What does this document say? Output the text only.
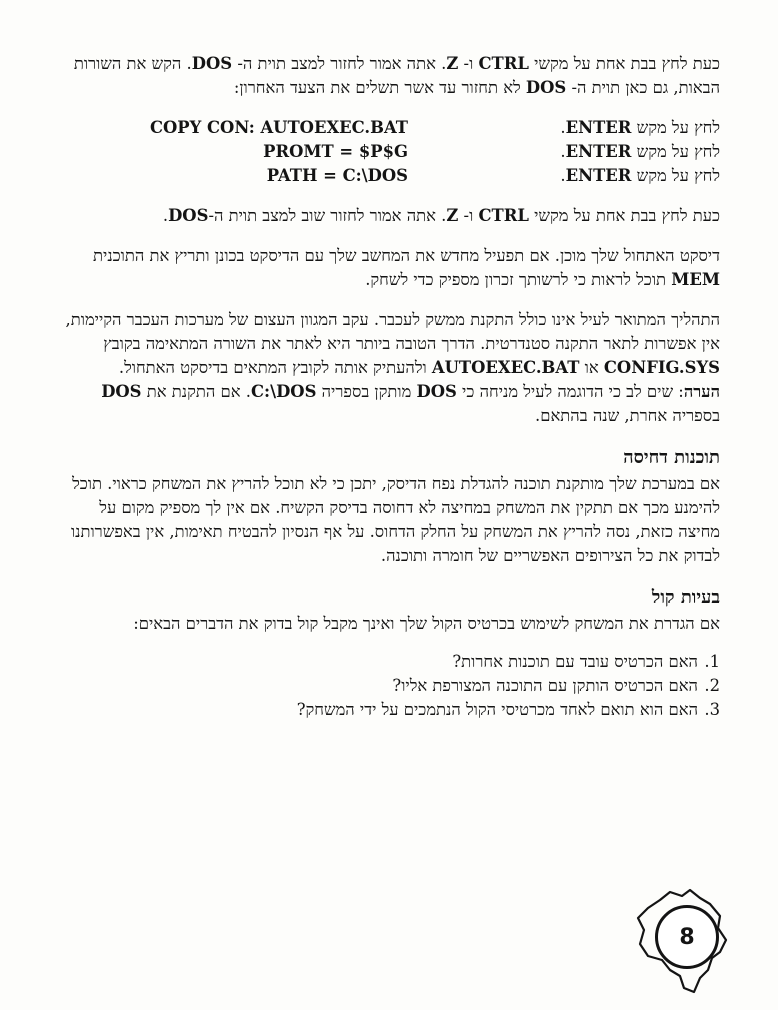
כעת לחץ בבת אחת על מקשי CTRL ו- Z. אתה אמור לחזור למצב תוית ה- DOS. הקש את השורות הבאות, גם כאן תוית ה- DOS לא תחזור עד אשר תשלים את הצעד האחרון:

לחץ על מקש ENTER.
COPY CON: AUTOEXEC.BAT
לחץ על מקש ENTER.
PROMT = $P$G
לחץ על מקש ENTER.
PATH = C:\DOS

כעת לחץ בבת אחת על מקשי CTRL ו- Z. אתה אמור לחזור שוב למצב תוית ה-DOS.

דיסקט האתחול שלך מוכן. אם תפעיל מחדש את המחשב שלך עם הדיסקט בכונן ותריץ את התוכנית MEM תוכל לראות כי לרשותך זכרון מספיק כדי לשחק.

התהליך המתואר לעיל אינו כולל התקנת ממשק לעכבר. עקב המגוון העצום של מערכות העכבר הקיימות, אין אפשרות לתאר התקנה סטנדרטית. הדרך הטובה ביותר היא לאתר את השורה המתאימה בקובץ CONFIG.SYS או AUTOEXEC.BAT ולהעתיק אותה לקובץ המתאים בדיסקט האתחול.

הערה: שים לב כי הדוגמה לעיל מניחה כי DOS מותקן בספריה C:\DOS. אם התקנת את DOS בספריה אחרת, שנה בהתאם.

תוכנות דחיסה

אם במערכת שלך מותקנת תוכנה להגדלת נפח הדיסק, יתכן כי לא תוכל להריץ את המשחק כראוי. תוכל להימנע מכך אם תתקין את המשחק במחיצה לא דחוסה בדיסק הקשיח. אם אין לך מספיק מקום על מחיצה כזאת, נסה להריץ את המשחק על החלק הדחוס. על אף הנסיון להבטיח תאימות, אין באפשרותנו לבדוק את כל הצירופים האפשריים של חומרה ותוכנה.

בעיות קול

אם הגדרת את המשחק לשימוש בכרטיס הקול שלך ואינך מקבל קול בדוק את הדברים הבאים:

1.
האם הכרטיס עובד עם תוכנות אחרות?
2.
האם הכרטיס הותקן עם התוכנה המצורפת אליו?
3.
האם הוא תואם לאחד מכרטיסי הקול הנתמכים על ידי המשחק?
8
